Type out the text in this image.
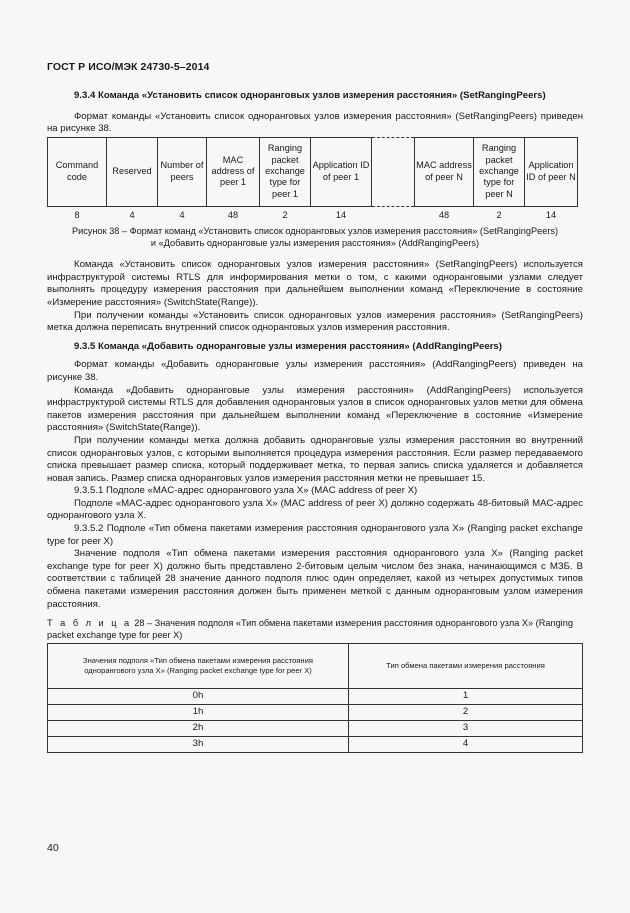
ГОСТ Р ИСО/МЭК 24730-5–2014

9.3.4 Команда «Установить список одноранговых узлов измерения расстояния» (SetRangingPeers)

Формат команды «Установить список одноранговых узлов измерения расстояния» (SetRangingPeers) приведен на рисунке 38.

Command code	Reserved	Number of peers	MAC address of peer 1	Ranging packet exchange type for peer 1	Application ID of peer 1		MAC address of peer N	Ranging packet exchange type for peer N	Application ID of peer N
8	4	4	48	2	14		48	2	14
Рисунок 38 – Формат команд «Установить список одноранговых узлов измерения расстояния» (SetRangingPeers)
и «Добавить одноранговые узлы измерения расстояния» (AddRangingPeers)

Команда «Установить список одноранговых узлов измерения расстояния» (SetRangingPeers) используется инфраструктурой системы RTLS для информирования метки о том, с какими одноранговыми узлами следует выполнять процедуру измерения расстояния при дальнейшем выполнении команд «Переключение в состояние «Измерение расстояния» (SwitchState(Range)).

При получении команды «Установить список одноранговых узлов измерения расстояния» (SetRangingPeers) метка должна переписать внутренний список одноранговых узлов измерения расстояния.

9.3.5 Команда «Добавить одноранговые узлы измерения расстояния» (AddRangingPeers)

Формат команды «Добавить одноранговые узлы измерения расстояния» (AddRangingPeers) приведен на рисунке 38.

Команда «Добавить одноранговые узлы измерения расстояния» (AddRangingPeers) используется инфраструктурой системы RTLS для добавления одноранговых узлов в список одноранговых узлов метки для обмена пакетов измерения расстояния при дальнейшем выполнении команд «Переключение в состояние «Измерение расстояния» (SwitchState(Range)).

При получении команды метка должна добавить одноранговые узлы измерения расстояния во внутренний список одноранговых узлов, с которыми выполняется процедура измерения расстояния. Если размер передаваемого списка превышает размер списка, который поддерживает метка, то первая запись списка удаляется и добавляется новая запись. Размер списка одноранговых узлов измерения расстояния метки не превышает 15.

9.3.5.1 Подполе «MAC-адрес однорангового узла X» (MAC address of peer X)

Подполе «MAC-адрес однорангового узла X» (MAC address of peer X) должно содержать 48-битовый MAC-адрес однорангового узла X.

9.3.5.2 Подполе «Тип обмена пакетами измерения расстояния однорангового узла X» (Ranging packet exchange type for peer X)

Значение подполя «Тип обмена пакетами измерения расстояния однорангового узла X» (Ranging packet exchange type for peer X) должно быть представлено 2-битовым целым числом без знака, начинающимся с МЗБ. В соответствии с таблицей 28 значение данного подполя плюс один определяет, какой из четырех допустимых типов обмена пакетами измерения расстояния должен быть применен меткой с данным одноранговым узлом измерения расстояния.

Т а б л и ц а 28 – Значения подполя «Тип обмена пакетами измерения расстояния однорангового узла X» (Ranging packet exchange type for peer X)
Значения подполя «Тип обмена пакетами измерения расстояния однорангового узла X» (Ranging packet exchange type for peer X)	Тип обмена пакетами измерения расстояния
0h	1
1h	2
2h	3
3h	4
40
